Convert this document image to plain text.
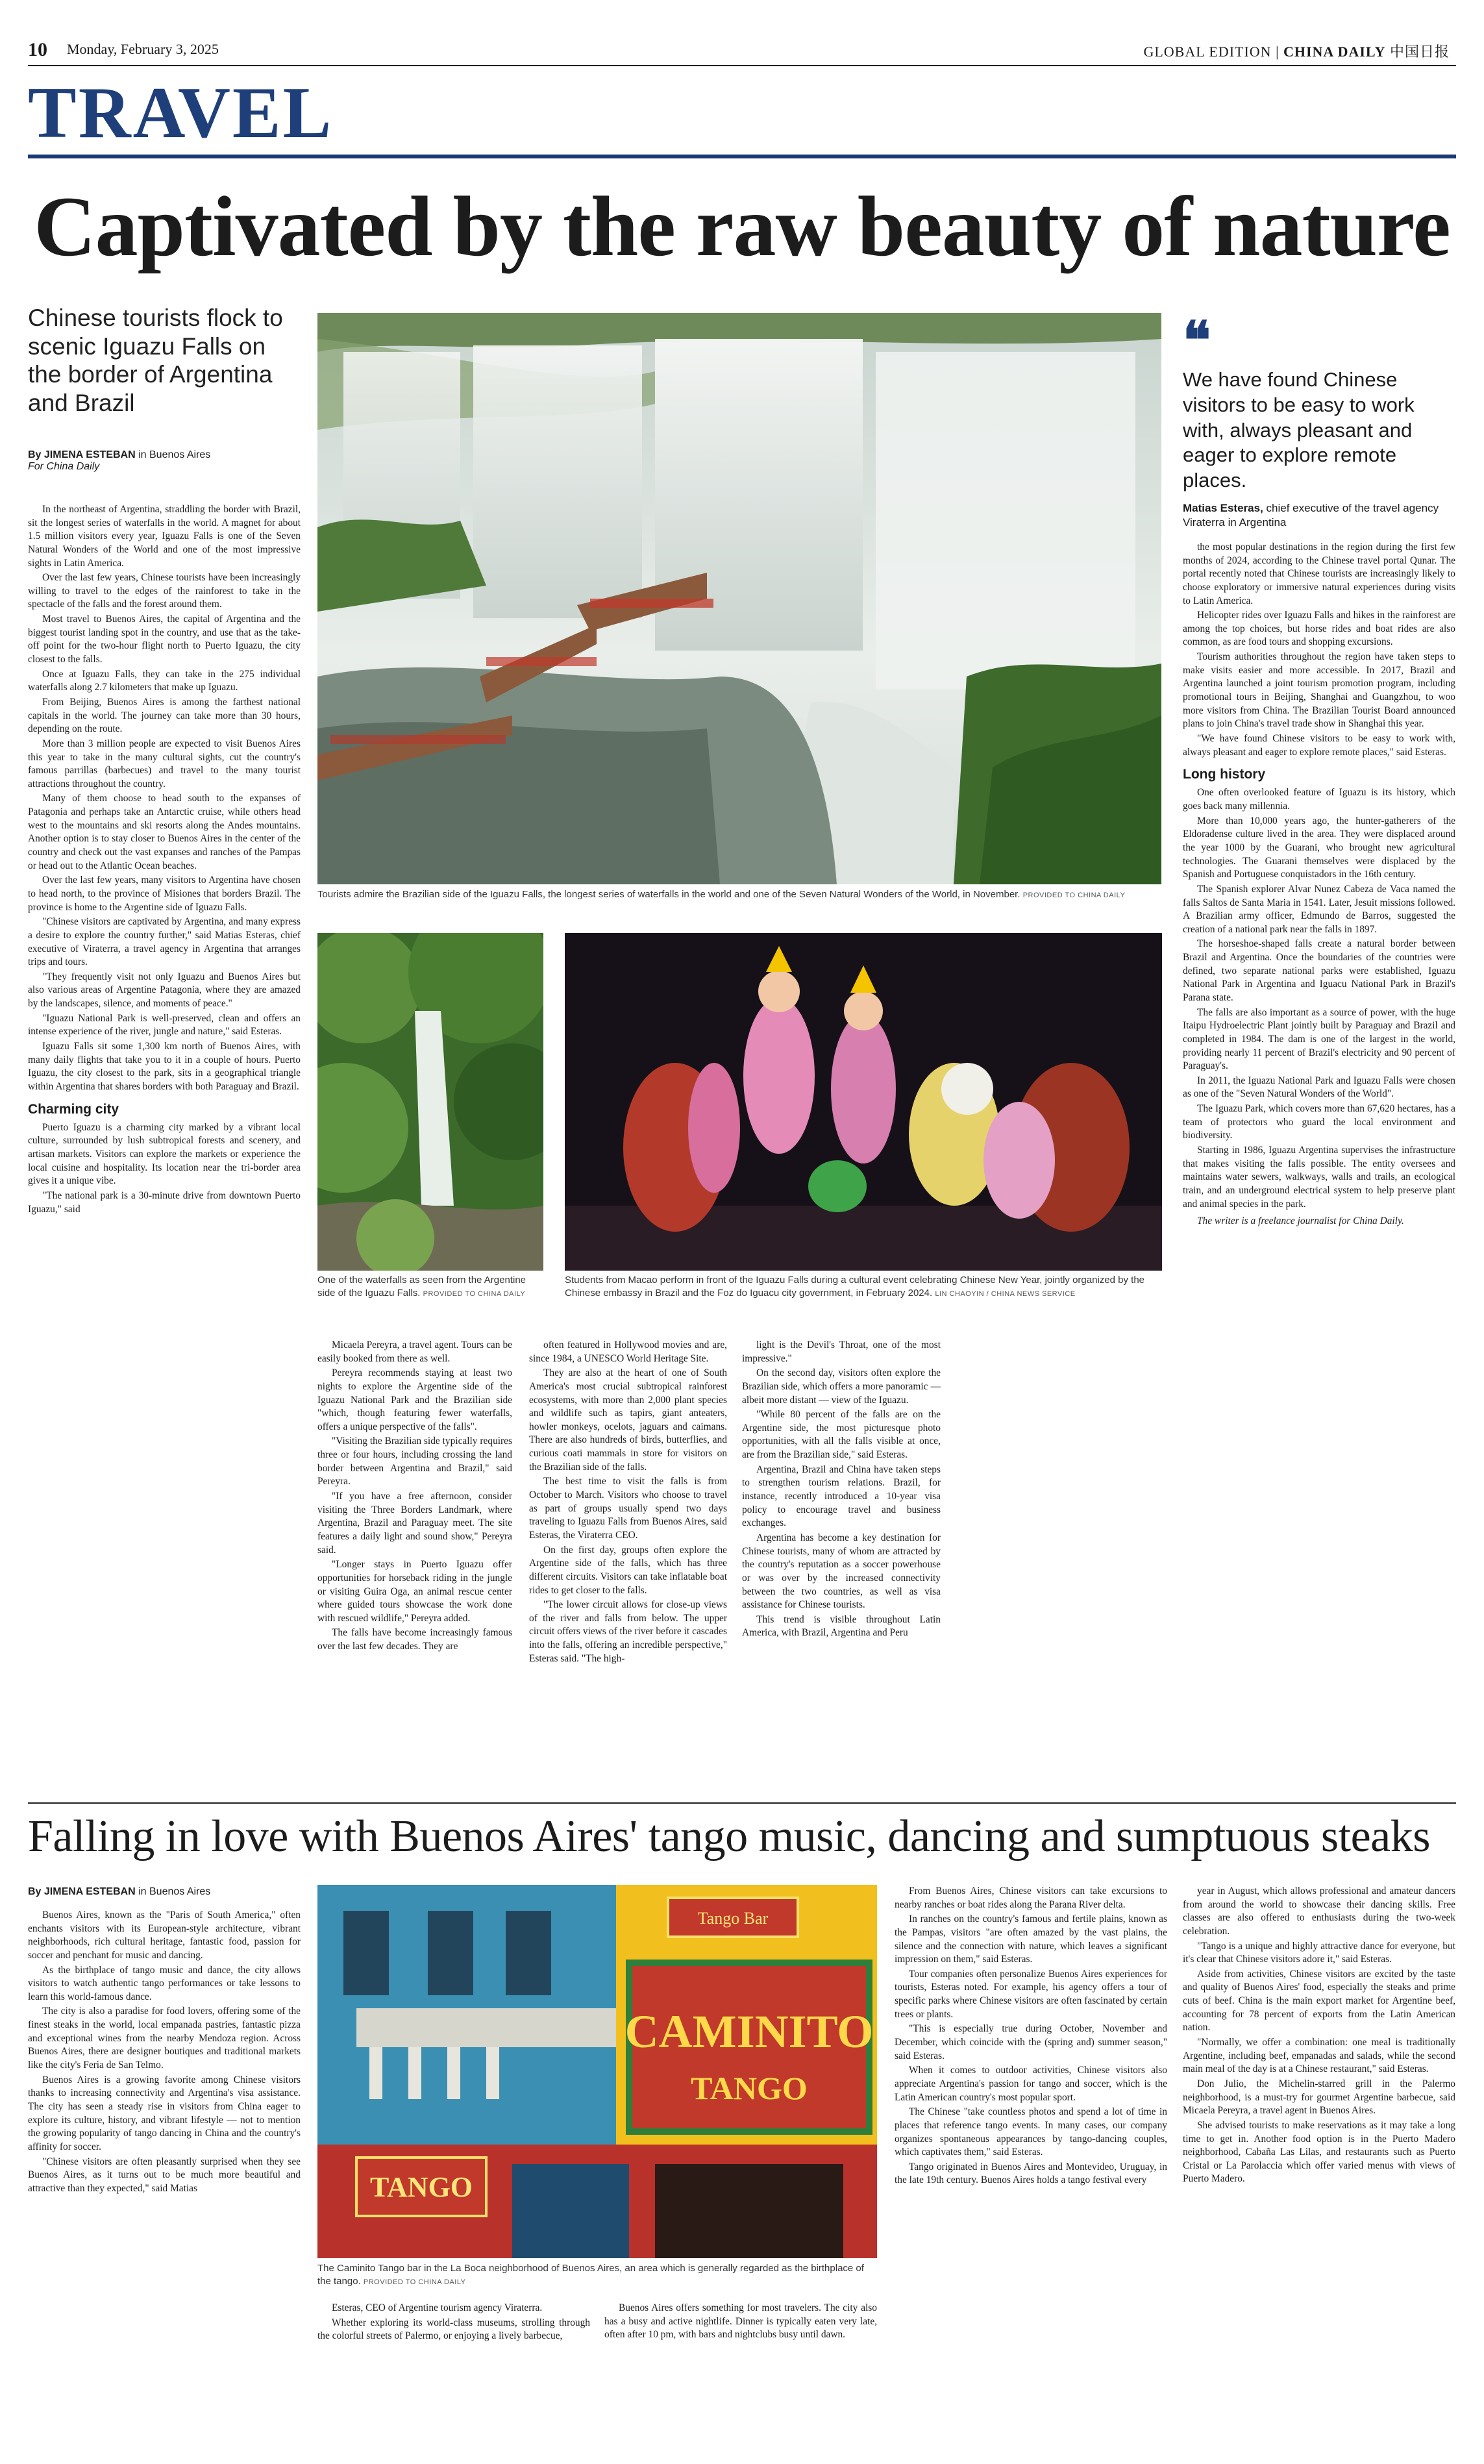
10 Monday, February 3, 2025	GLOBAL EDITION | CHINA DAILY 中国日报
TRAVEL
Captivated by the raw beauty of nature
Chinese tourists flock to scenic Iguazu Falls on the border of Argentina and Brazil
By JIMENA ESTEBAN in Buenos Aires
For China Daily

In the northeast of Argentina, straddling the border with Brazil, sit the longest series of waterfalls in the world. A magnet for about 1.5 million visitors every year, Iguazu Falls is one of the Seven Natural Wonders of the World and one of the most impressive sights in Latin America.

Over the last few years, Chinese tourists have been increasingly willing to travel to the edges of the rainforest to take in the spectacle of the falls and the forest around them.

Most travel to Buenos Aires, the capital of Argentina and the biggest tourist landing spot in the country, and use that as the take-off point for the two-hour flight north to Puerto Iguazu, the city closest to the falls.

Once at Iguazu Falls, they can take in the 275 individual waterfalls along 2.7 kilometers that make up Iguazu.

From Beijing, Buenos Aires is among the farthest national capitals in the world. The journey can take more than 30 hours, depending on the route.

More than 3 million people are expected to visit Buenos Aires this year to take in the many cultural sights, cut the country's famous parrillas (barbecues) and travel to the many tourist attractions throughout the country.

Many of them choose to head south to the expanses of Patagonia and perhaps take an Antarctic cruise, while others head west to the mountains and ski resorts along the Andes mountains. Another option is to stay closer to Buenos Aires in the center of the country and check out the vast expanses and ranches of the Pampas or head out to the Atlantic Ocean beaches.

Over the last few years, many visitors to Argentina have chosen to head north, to the province of Misiones that borders Brazil. The province is home to the Argentine side of Iguazu Falls.

"Chinese visitors are captivated by Argentina, and many express a desire to explore the country further," said Matias Esteras, chief executive of Viraterra, a travel agency in Argentina that arranges trips and tours.

"They frequently visit not only Iguazu and Buenos Aires but also various areas of Argentine Patagonia, where they are amazed by the landscapes, silence, and moments of peace."

"Iguazu National Park is well-preserved, clean and offers an intense experience of the river, jungle and nature," said Esteras.

Iguazu Falls sit some 1,300 km north of Buenos Aires, with many daily flights that take you to it in a couple of hours. Puerto Iguazu, the city closest to the park, sits in a geographical triangle within Argentina that shares borders with both Paraguay and Brazil.

Charming city

Puerto Iguazu is a charming city marked by a vibrant local culture, surrounded by lush subtropical forests and scenery, and artisan markets. Visitors can explore the markets or experience the local cuisine and hospitality. Its location near the tri-border area gives it a unique vibe.

"The national park is a 30-minute drive from downtown Puerto Iguazu," said

Tourists admire the Brazilian side of the Iguazu Falls, the longest series of waterfalls in the world and one of the Seven Natural Wonders of the World, in November. PROVIDED TO CHINA DAILY
One of the waterfalls as seen from the Argentine side of the Iguazu Falls. PROVIDED TO CHINA DAILY
Students from Macao perform in front of the Iguazu Falls during a cultural event celebrating Chinese New Year, jointly organized by the Chinese embassy in Brazil and the Foz do Iguacu city government, in February 2024. LIN CHAOYIN / CHINA NEWS SERVICE

Micaela Pereyra, a travel agent. Tours can be easily booked from there as well.

Pereyra recommends staying at least two nights to explore the Argentine side of the Iguazu National Park and the Brazilian side "which, though featuring fewer waterfalls, offers a unique perspective of the falls".

"Visiting the Brazilian side typically requires three or four hours, including crossing the land border between Argentina and Brazil," said Pereyra.

"If you have a free afternoon, consider visiting the Three Borders Landmark, where Argentina, Brazil and Paraguay meet. The site features a daily light and sound show," Pereyra said.

"Longer stays in Puerto Iguazu offer opportunities for horseback riding in the jungle or visiting Guira Oga, an animal rescue center where guided tours showcase the work done with rescued wildlife," Pereyra added.

The falls have become increasingly famous over the last few decades. They are

often featured in Hollywood movies and are, since 1984, a UNESCO World Heritage Site.

They are also at the heart of one of South America's most crucial subtropical rainforest ecosystems, with more than 2,000 plant species and wildlife such as tapirs, giant anteaters, howler monkeys, ocelots, jaguars and caimans. There are also hundreds of birds, butterflies, and curious coati mammals in store for visitors on the Brazilian side of the falls.

The best time to visit the falls is from October to March. Visitors who choose to travel as part of groups usually spend two days traveling to Iguazu Falls from Buenos Aires, said Esteras, the Viraterra CEO.

On the first day, groups often explore the Argentine side of the falls, which has three different circuits. Visitors can take inflatable boat rides to get closer to the falls.

"The lower circuit allows for close-up views of the river and falls from below. The upper circuit offers views of the river before it cascades into the falls, offering an incredible perspective," Esteras said. "The high-

light is the Devil's Throat, one of the most impressive."

On the second day, visitors often explore the Brazilian side, which offers a more panoramic — albeit more distant — view of the Iguazu.

"While 80 percent of the falls are on the Argentine side, the most picturesque photo opportunities, with all the falls visible at once, are from the Brazilian side," said Esteras.

Argentina, Brazil and China have taken steps to strengthen tourism relations. Brazil, for instance, recently introduced a 10-year visa policy to encourage travel and business exchanges.

Argentina has become a key destination for Chinese tourists, many of whom are attracted by the country's reputation as a soccer powerhouse or was over by the increased connectivity between the two countries, as well as visa assistance for Chinese tourists.

This trend is visible throughout Latin America, with Brazil, Argentina and Peru

❝
We have found Chinese visitors to be easy to work with, always pleasant and eager to explore remote places.
Matias Esteras, chief executive of the travel agency Viraterra in Argentina

the most popular destinations in the region during the first few months of 2024, according to the Chinese travel portal Qunar. The portal recently noted that Chinese tourists are increasingly likely to choose exploratory or immersive natural experiences during visits to Latin America.

Helicopter rides over Iguazu Falls and hikes in the rainforest are among the top choices, but horse rides and boat rides are also common, as are food tours and shopping excursions.

Tourism authorities throughout the region have taken steps to make visits easier and more accessible. In 2017, Brazil and Argentina launched a joint tourism promotion program, including promotional tours in Beijing, Shanghai and Guangzhou, to woo more visitors from China. The Brazilian Tourist Board announced plans to join China's travel trade show in Shanghai this year.

"We have found Chinese visitors to be easy to work with, always pleasant and eager to explore remote places," said Esteras.

Long history

One often overlooked feature of Iguazu is its history, which goes back many millennia.

More than 10,000 years ago, the hunter-gatherers of the Eldoradense culture lived in the area. They were displaced around the year 1000 by the Guarani, who brought new agricultural technologies. The Guarani themselves were displaced by the Spanish and Portuguese conquistadors in the 16th century.

The Spanish explorer Alvar Nunez Cabeza de Vaca named the falls Saltos de Santa Maria in 1541. Later, Jesuit missions followed. A Brazilian army officer, Edmundo de Barros, suggested the creation of a national park near the falls in 1897.

The horseshoe-shaped falls create a natural border between Brazil and Argentina. Once the boundaries of the countries were defined, two separate national parks were established, Iguazu National Park in Argentina and Iguacu National Park in Brazil's Parana state.

The falls are also important as a source of power, with the huge Itaipu Hydroelectric Plant jointly built by Paraguay and Brazil and completed in 1984. The dam is one of the largest in the world, providing nearly 11 percent of Brazil's electricity and 90 percent of Paraguay's.

In 2011, the Iguazu National Park and Iguazu Falls were chosen as one of the "Seven Natural Wonders of the World".

The Iguazu Park, which covers more than 67,620 hectares, has a team of protectors who guard the local environment and biodiversity.

Starting in 1986, Iguazu Argentina supervises the infrastructure that makes visiting the falls possible. The entity oversees and maintains water sewers, walkways, walls and trails, an ecological train, and an underground electrical system to help preserve plant and animal species in the park.

The writer is a freelance journalist for China Daily.

Falling in love with Buenos Aires' tango music, dancing and sumptuous steaks
By JIMENA ESTEBAN in Buenos Aires

Buenos Aires, known as the "Paris of South America," often enchants visitors with its European-style architecture, vibrant neighborhoods, rich cultural heritage, fantastic food, passion for soccer and penchant for music and dancing.

As the birthplace of tango music and dance, the city allows visitors to watch authentic tango performances or take lessons to learn this world-famous dance.

The city is also a paradise for food lovers, offering some of the finest steaks in the world, local empanada pastries, fantastic pizza and exceptional wines from the nearby Mendoza region. Across Buenos Aires, there are designer boutiques and traditional markets like the city's Feria de San Telmo.

Buenos Aires is a growing favorite among Chinese visitors thanks to increasing connectivity and Argentina's visa assistance. The city has seen a steady rise in visitors from China eager to explore its culture, history, and vibrant lifestyle — not to mention the growing popularity of tango dancing in China and the country's affinity for soccer.

"Chinese visitors are often pleasantly surprised when they see Buenos Aires, as it turns out to be much more beautiful and attractive than they expected," said Matias

Tango Bar
CAMINITO
TANGO
TANGO
The Caminito Tango bar in the La Boca neighborhood of Buenos Aires, an area which is generally regarded as the birthplace of the tango. PROVIDED TO CHINA DAILY

Esteras, CEO of Argentine tourism agency Viraterra.

Whether exploring its world-class museums, strolling through the colorful streets of Palermo, or enjoying a lively barbecue,

Buenos Aires offers something for most travelers. The city also has a busy and active nightlife. Dinner is typically eaten very late, often after 10 pm, with bars and nightclubs busy until dawn.

From Buenos Aires, Chinese visitors can take excursions to nearby ranches or boat rides along the Parana River delta.

In ranches on the country's famous and fertile plains, known as the Pampas, visitors "are often amazed by the vast plains, the silence and the connection with nature, which leaves a significant impression on them," said Esteras.

Tour companies often personalize Buenos Aires experiences for tourists, Esteras noted. For example, his agency offers a tour of specific parks where Chinese visitors are often fascinated by certain trees or plants.

"This is especially true during October, November and December, which coincide with the (spring and) summer season," said Esteras.

When it comes to outdoor activities, Chinese visitors also appreciate Argentina's passion for tango and soccer, which is the Latin American country's most popular sport.

The Chinese "take countless photos and spend a lot of time in places that reference tango events. In many cases, our company organizes spontaneous appearances by tango-dancing couples, which captivates them," said Esteras.

Tango originated in Buenos Aires and Montevideo, Uruguay, in the late 19th century. Buenos Aires holds a tango festival every

year in August, which allows professional and amateur dancers from around the world to showcase their dancing skills. Free classes are also offered to enthusiasts during the two-week celebration.

"Tango is a unique and highly attractive dance for everyone, but it's clear that Chinese visitors adore it," said Esteras.

Aside from activities, Chinese visitors are excited by the taste and quality of Buenos Aires' food, especially the steaks and prime cuts of beef. China is the main export market for Argentine beef, accounting for 78 percent of exports from the Latin American nation.

"Normally, we offer a combination: one meal is traditionally Argentine, including beef, empanadas and salads, while the second main meal of the day is at a Chinese restaurant," said Esteras.

Don Julio, the Michelin-starred grill in the Palermo neighborhood, is a must-try for gourmet Argentine barbecue, said Micaela Pereyra, a travel agent in Buenos Aires.

She advised tourists to make reservations as it may take a long time to get in. Another food option is in the Puerto Madero neighborhood, Cabaña Las Lilas, and restaurants such as Puerto Cristal or La Parolaccia which offer varied menus with views of Puerto Madero.
